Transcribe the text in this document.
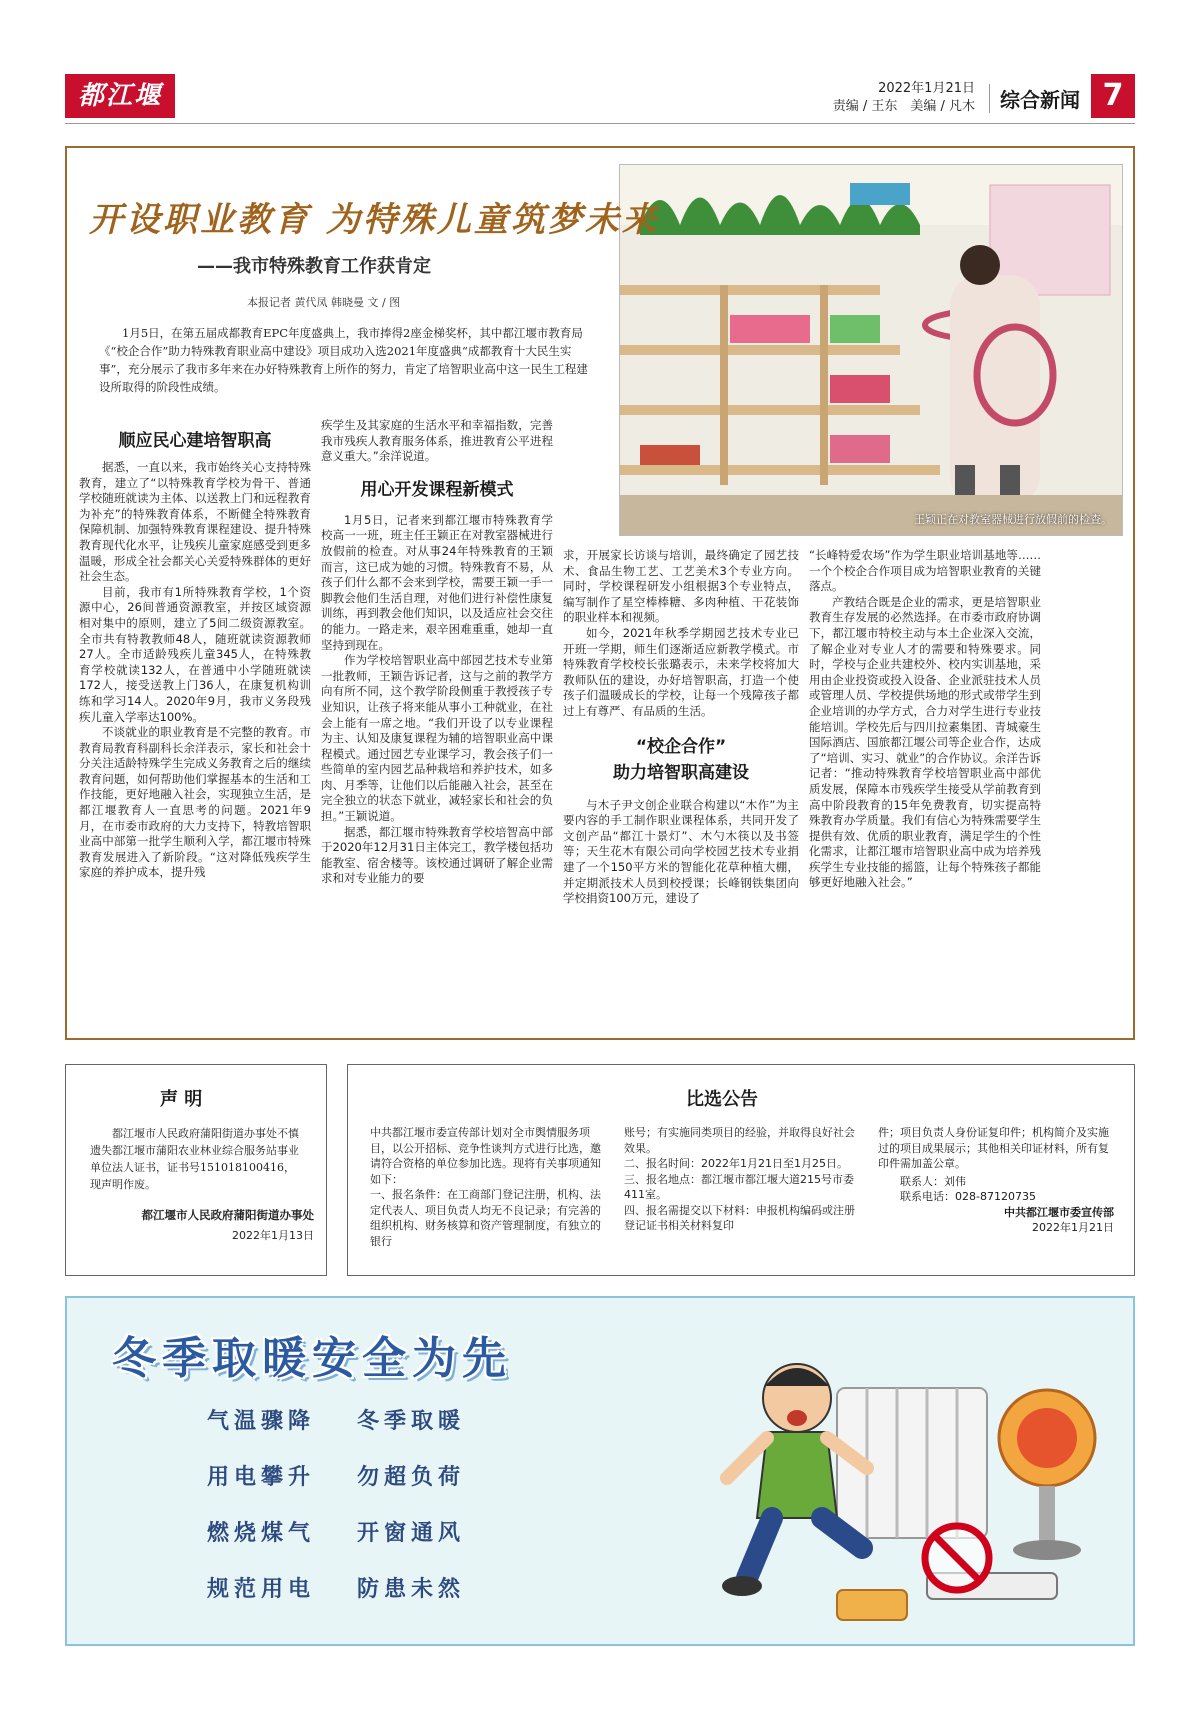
都江堰报
2022年1月21日
责编 / 王东　美编 / 凡木	综合新闻 7
王颖正在对教室器械进行放假前的检查。
开设职业教育 为特殊儿童筑梦未来
——我市特殊教育工作获肯定
本报记者 黄代凤 韩晓曼 文 / 图
1月5日，在第五届成都教育EPC年度盛典上，我市捧得2座金梯奖杯，其中都江堰市教育局《“校企合作”助力特殊教育职业高中建设》项目成功入选2021年度盛典“成都教育十大民生实事”，充分展示了我市多年来在办好特殊教育上所作的努力，肯定了培智职业高中这一民生工程建设所取得的阶段性成绩。
顺应民心建培智职高

据悉，一直以来，我市始终关心支持特殊教育，建立了“以特殊教育学校为骨干、普通学校随班就读为主体、以送教上门和远程教育为补充”的特殊教育体系，不断健全特殊教育保障机制、加强特殊教育课程建设、提升特殊教育现代化水平，让残疾儿童家庭感受到更多温暖，形成全社会都关心关爱特殊群体的更好社会生态。

目前，我市有1所特殊教育学校，1个资源中心，26间普通资源教室，并按区域资源相对集中的原则，建立了5间二级资源教室。全市共有特教教师48人，随班就读资源教师27人。全市适龄残疾儿童345人，在特殊教育学校就读132人，在普通中小学随班就读172人，接受送教上门36人，在康复机构训练和学习14人。2020年9月，我市义务段残疾儿童入学率达100%。

不谈就业的职业教育是不完整的教育。市教育局教育科副科长余洋表示，家长和社会十分关注适龄特殊学生完成义务教育之后的继续教育问题，如何帮助他们掌握基本的生活和工作技能，更好地融入社会，实现独立生活，是都江堰教育人一直思考的问题。2021年9月，在市委市政府的大力支持下，特教培智职业高中部第一批学生顺利入学，都江堰市特殊教育发展进入了新阶段。“这对降低残疾学生家庭的养护成本，提升残

疾学生及其家庭的生活水平和幸福指数，完善我市残疾人教育服务体系，推进教育公平进程意义重大。”余洋说道。

用心开发课程新模式

1月5日，记者来到都江堰市特殊教育学校高一一班，班主任王颖正在对教室器械进行放假前的检查。对从事24年特殊教育的王颖而言，这已成为她的习惯。特殊教育不易，从孩子们什么都不会来到学校，需要王颖一手一脚教会他们生活自理，对他们进行补偿性康复训练，再到教会他们知识，以及适应社会交往的能力。一路走来，艰辛困难重重，她却一直坚持到现在。

作为学校培智职业高中部园艺技术专业第一批教师，王颖告诉记者，这与之前的教学方向有所不同，这个教学阶段侧重于教授孩子专业知识，让孩子将来能从事小工种就业，在社会上能有一席之地。“我们开设了以专业课程为主、认知及康复课程为辅的培智职业高中课程模式。通过园艺专业课学习，教会孩子们一些简单的室内园艺品种栽培和养护技术，如多肉、月季等，让他们以后能融入社会，甚至在完全独立的状态下就业，减轻家长和社会的负担。”王颖说道。

据悉，都江堰市特殊教育学校培智高中部于2020年12月31日主体完工，教学楼包括功能教室、宿舍楼等。该校通过调研了解企业需求和对专业能力的要

求，开展家长访谈与培训，最终确定了园艺技术、食品生物工艺、工艺美术3个专业方向。同时，学校课程研发小组根据3个专业特点，编写制作了星空棒棒糖、多肉种植、干花装饰的职业样本和视频。

如今，2021年秋季学期园艺技术专业已开班一学期，师生们逐渐适应新教学模式。市特殊教育学校校长张璐表示，未来学校将加大教师队伍的建设，办好培智职高，打造一个使孩子们温暖成长的学校，让每一个残障孩子都过上有尊严、有品质的生活。

“校企合作”
助力培智职高建设

与木子尹文创企业联合构建以“木作”为主要内容的手工制作职业课程体系，共同开发了文创产品“都江十景灯”、木勺木筷以及书签等；天生花木有限公司向学校园艺技术专业捐建了一个150平方米的智能化花草种植大棚，并定期派技术人员到校授课；长峰钢铁集团向学校捐资100万元，建设了

“长峰特爱农场”作为学生职业培训基地等……一个个校企合作项目成为培智职业教育的关键落点。

产教结合既是企业的需求，更是培智职业教育生存发展的必然选择。在市委市政府协调下，都江堰市特校主动与本土企业深入交流，了解企业对专业人才的需要和特殊要求。同时，学校与企业共建校外、校内实训基地，采用由企业投资或投入设备、企业派驻技术人员或管理人员、学校提供场地的形式或带学生到企业培训的办学方式，合力对学生进行专业技能培训。学校先后与四川拉素集团、青城豪生国际酒店、国旅都江堰公司等企业合作，达成了“培训、实习、就业”的合作协议。余洋告诉记者：“推动特殊教育学校培智职业高中部优质发展，保障本市残疾学生接受从学前教育到高中阶段教育的15年免费教育，切实提高特殊教育办学质量。我们有信心为特殊需要学生提供有效、优质的职业教育，满足学生的个性化需求，让都江堰市培智职业高中成为培养残疾学生专业技能的摇篮，让每个特殊孩子都能够更好地融入社会。”

声 明
都江堰市人民政府蒲阳街道办事处不慎遗失都江堰市蒲阳农业林业综合服务站事业单位法人证书，证书号151018100416，现声明作废。
都江堰市人民政府蒲阳街道办事处
2022年1月13日
比选公告
中共都江堰市委宣传部计划对全市舆情服务项目，以公开招标、竞争性谈判方式进行比选，邀请符合资格的单位参加比选。现将有关事项通知如下：
一、报名条件：在工商部门登记注册，机构、法定代表人、项目负责人均无不良记录；有完善的组织机构、财务核算和资产管理制度，有独立的银行
账号；有实施同类项目的经验，并取得良好社会效果。
二、报名时间：2022年1月21日至1月25日。
三、报名地点：都江堰市都江堰大道215号市委411室。
四、报名需提交以下材料：申报机构编码或注册登记证书相关材料复印
件；项目负责人身份证复印件；机构简介及实施过的项目成果展示；其他相关印证材料，所有复印件需加盖公章。
联系人：刘伟
联系电话：028-87120735
中共都江堰市委宣传部
2022年1月21日
冬季取暖安全为先
气温骤降 冬季取暖
用电攀升 勿超负荷
燃烧煤气 开窗通风
规范用电 防患未然
